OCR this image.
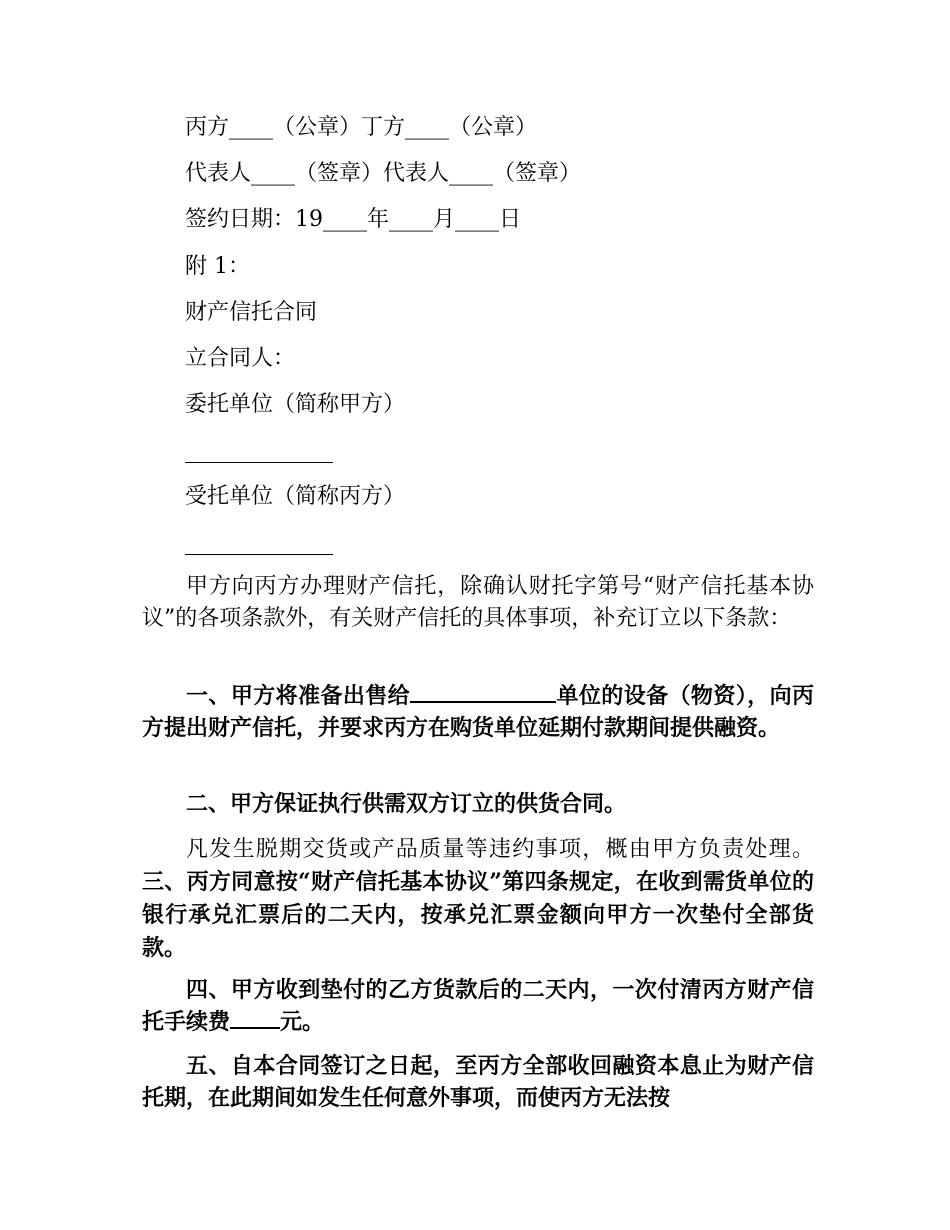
丙方____（公章）丁方____（公章）
代表人____（签章）代表人____（签章）
签约日期：19____年____月____日
附 1：
财产信托合同
立合同人：
委托单位（简称甲方）
受托单位（简称丙方）
甲方向丙方办理财产信托，除确认财托字第号“财产信托基本协议”的各项条款外，有关财产信托的具体事项，补充订立以下条款：
一、甲方将准备出售给	单位的设备（物资），向丙方提出财产信托，并要求丙方在购货单位延期付款期间提供融资。
二、甲方保证执行供需双方订立的供货合同。
凡发生脱期交货或产品质量等违约事项，概由甲方负责处理。三、丙方同意按“财产信托基本协议”第四条规定，在收到需货单位的银行承兑汇票后的二天内，按承兑汇票金额向甲方一次垫付全部货款。
四、甲方收到垫付的乙方货款后的二天内，一次付清丙方财产信托手续费 元。
五、自本合同签订之日起，至丙方全部收回融资本息止为财产信托期，在此期间如发生任何意外事项，而使丙方无法按
